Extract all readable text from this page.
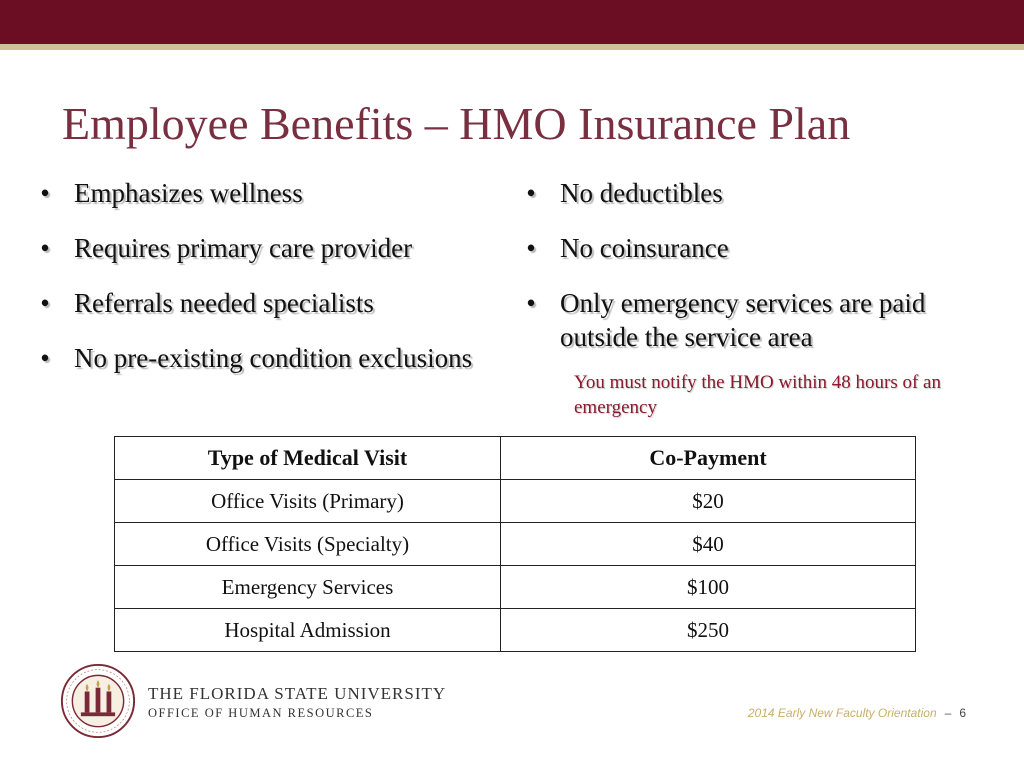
Employee Benefits – HMO Insurance Plan
• Emphasizes wellness
• Requires primary care provider
• Referrals needed specialists
• No pre-existing condition exclusions
• No deductibles
• No coinsurance
• Only emergency services are paid outside the service area
You must notify the HMO within 48 hours of an emergency
Type of Medical Visit	Co-Payment
Office Visits (Primary)	$20
Office Visits (Specialty)	$40
Emergency Services	$100
Hospital Admission	$250
THE FLORIDA STATE UNIVERSITY
OFFICE OF HUMAN RESOURCES	2014 Early New Faculty Orientation – 6
